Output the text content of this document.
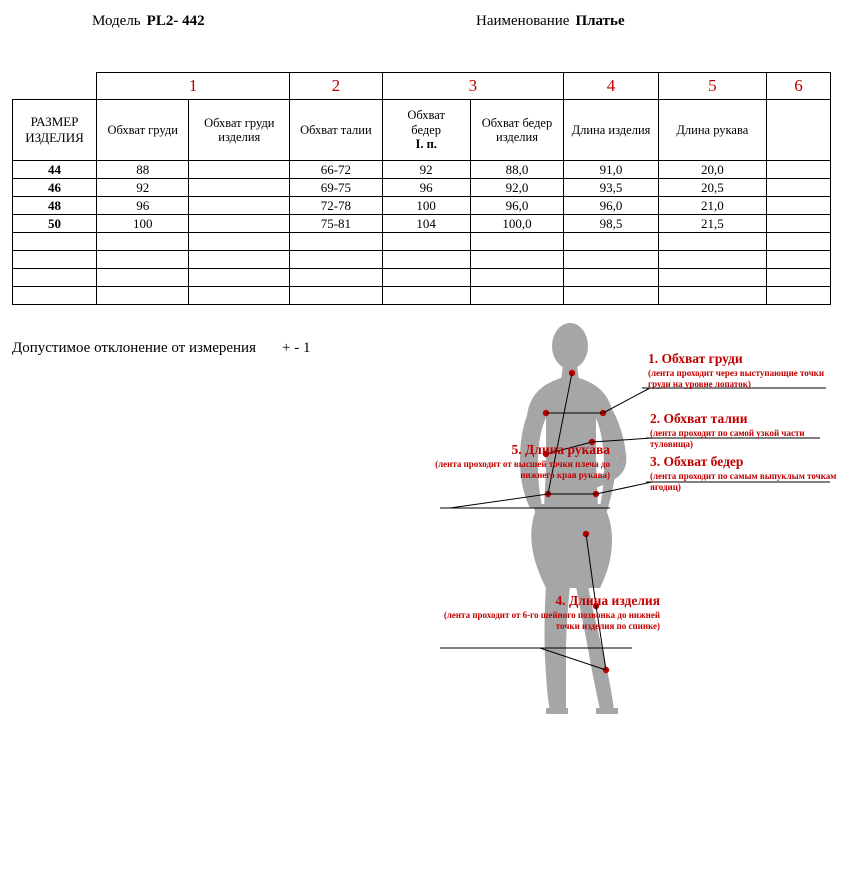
Модель PL2- 442	Наименование Платье
	1		2	3		4	5	6
РАЗМЕР ИЗДЕЛИЯ	Обхват груди	Обхват груди изделия	Обхват талии	Обхват
бедер
I. п.	Обхват бедер изделия	Длина изделия	Длина рукава	
44	88		66-72	92	88,0	91,0	20,0	
46	92		69-75	96	92,0	93,5	20,5	
48	96		72-78	100	96,0	96,0	21,0	
50	100		75-81	104	100,0	98,5	21,5	

Допустимое отклонение от измерения + - 1
1. Обхват груди
(лента проходит через выступающие точки груди на уровне лопаток)
2. Обхват талии
(лента проходит по самой узкой части туловища)
3. Обхват бедер
(лента проходит по самым выпуклым точкам ягодиц)
5. Длина рукава
(лента проходит от высшей точки плеча до нижнего края рукава)
4. Длина изделия
(лента проходит от 6-го шейного позвонка до нижней точки изделия по спинке)
